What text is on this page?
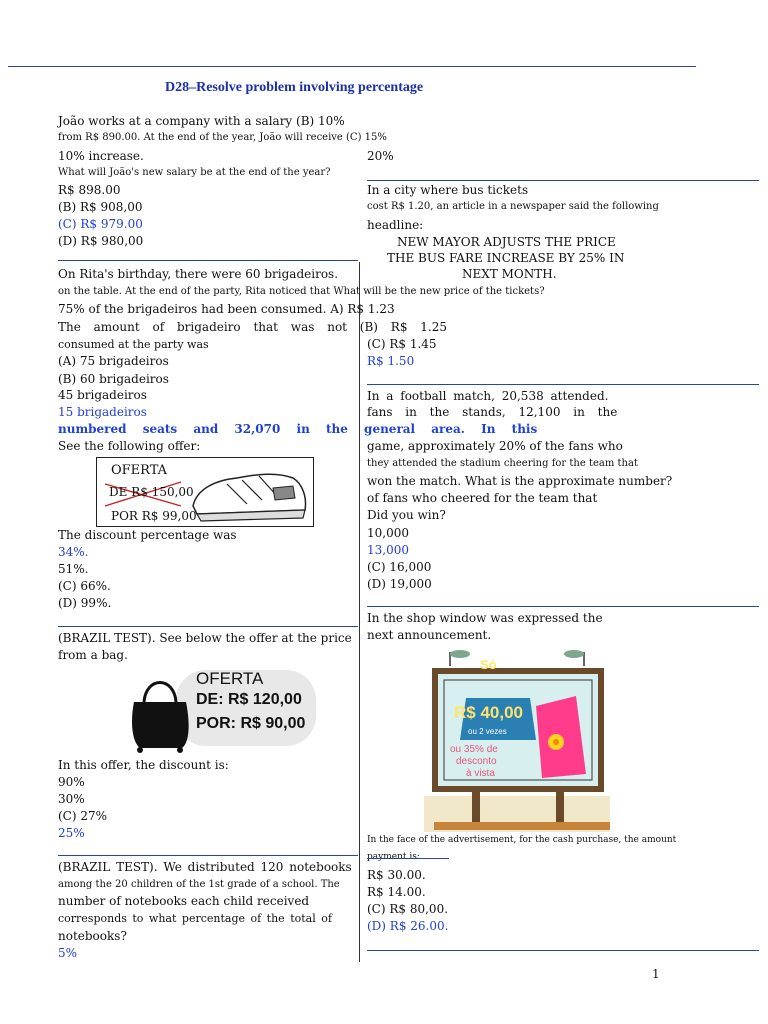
D28–Resolve problem involving percentage
João works at a company with a salary (B) 10%
from R$ 890.00. At the end of the year, João will receive (C) 15%
10% increase.
What will João's new salary be at the end of the year?
R$ 898.00
(B) R$ 908,00
(C) R$ 979.00
(D) R$ 980,00
On Rita's birthday, there were 60 brigadeiros.
on the table. At the end of the party, Rita noticed that What will be the new price of the tickets?
75% of the brigadeiros had been consumed. A) R$ 1.23
The amount of brigadeiro that was not (B) R$ 1.25
consumed at the party was
(A) 75 brigadeiros
(B) 60 brigadeiros
45 brigadeiros
15 brigadeiros
numbered seats and 32,070 in the general area. In this
See the following offer:
OFERTA
DE R$ 150,00
POR R$ 99,00
The discount percentage was
34%.
51%.
(C) 66%.
(D) 99%.
(BRAZIL TEST). See below the offer at the price
from a bag.
OFERTA
DE: R$ 120,00
POR: R$ 90,00
In this offer, the discount is:
90%
30%
(C) 27%
25%
(BRAZIL TEST). We distributed 120 notebooks
among the 20 children of the 1st grade of a school. The
number of notebooks each child received
corresponds to what percentage of the total of
notebooks?
5%
20%
In a city where bus tickets
cost R$ 1.20, an article in a newspaper said the following
headline:
NEW MAYOR ADJUSTS THE PRICE
THE BUS FARE INCREASE BY 25% IN
NEXT MONTH.
(C) R$ 1.45
R$ 1.50
In a football match, 20,538 attended.
fans in the stands, 12,100 in the
game, approximately 20% of the fans who
they attended the stadium cheering for the team that
won the match. What is the approximate number?
of fans who cheered for the team that
Did you win?
10,000
13,000
(C) 16,000
(D) 19,000
In the shop window was expressed the
next announcement.
Só
R$ 40,00
ou 2 vezes
ou 35% de
desconto
à vista
In the face of the advertisement, for the cash purchase, the amount
payment is:
R$ 30.00.
R$ 14.00.
(C) R$ 80,00.
(D) R$ 26.00.
1
